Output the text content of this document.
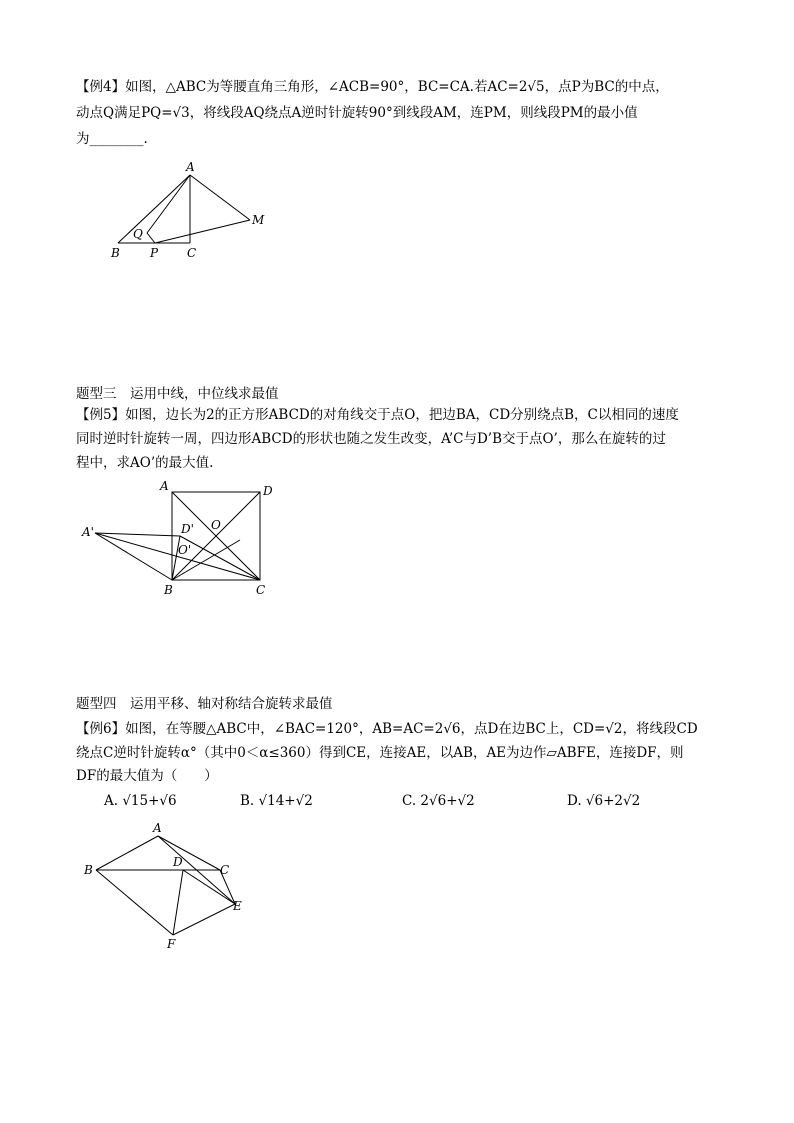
【例4】如图，△ABC为等腰直角三角形，∠ACB=90°，BC=CA.若AC=2√5，点P为BC的中点，
动点Q满足PQ=√3，将线段AQ绕点A逆时针旋转90°到线段AM，连PM，则线段PM的最小值
为________.
A
B	P C
Q
M
题型三　运用中线，中位线求最值
【例5】如图，边长为2的正方形ABCD的对角线交于点O，把边BA，CD分别绕点B，C以相同的速度
同时逆时针旋转一周，四边形ABCD的形状也随之发生改变，A’C与D’B交于点O’，那么在旋转的过
程中，求AO’的最大值.
A	D
B	C
O
A'	D'
O'
题型四　运用平移、轴对称结合旋转求最值
【例6】如图，在等腰△ABC中，∠BAC=120°，AB=AC=2√6，点D在边BC上，CD=√2，将线段CD
绕点C逆时针旋转α°（其中0＜α≤360）得到CE，连接AE，以AB，AE为边作▱ABFE，连接DF，则
DF的最大值为（　　）
A. √15+√6	B. √14+√2	C. 2√6+√2	D. √6+2√2
A
B
D
C
E
F
